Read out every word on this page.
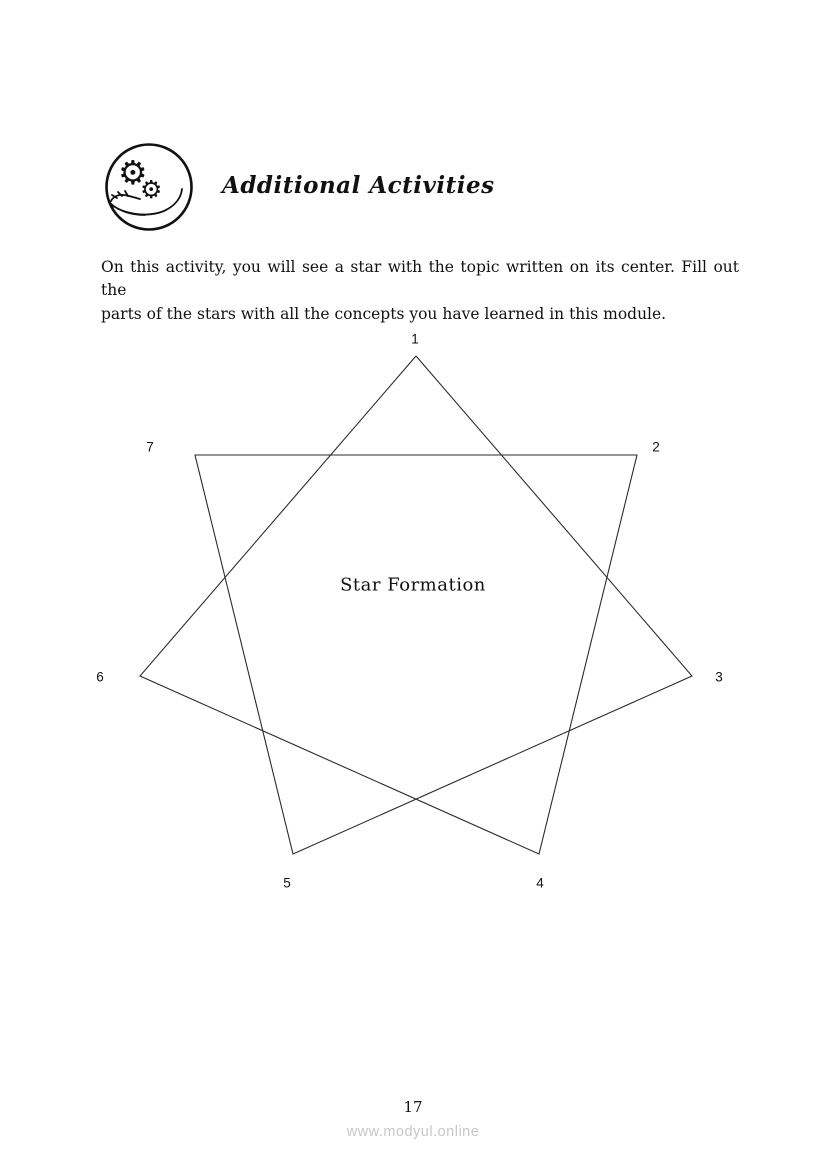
⚙
⚙	Additional Activities
On this activity, you will see a star with the topic written on its center. Fill out the
parts of the stars with all the concepts you have learned in this module.
1
2
3
4
5
6
7
Star Formation
17
www.modyul.online
